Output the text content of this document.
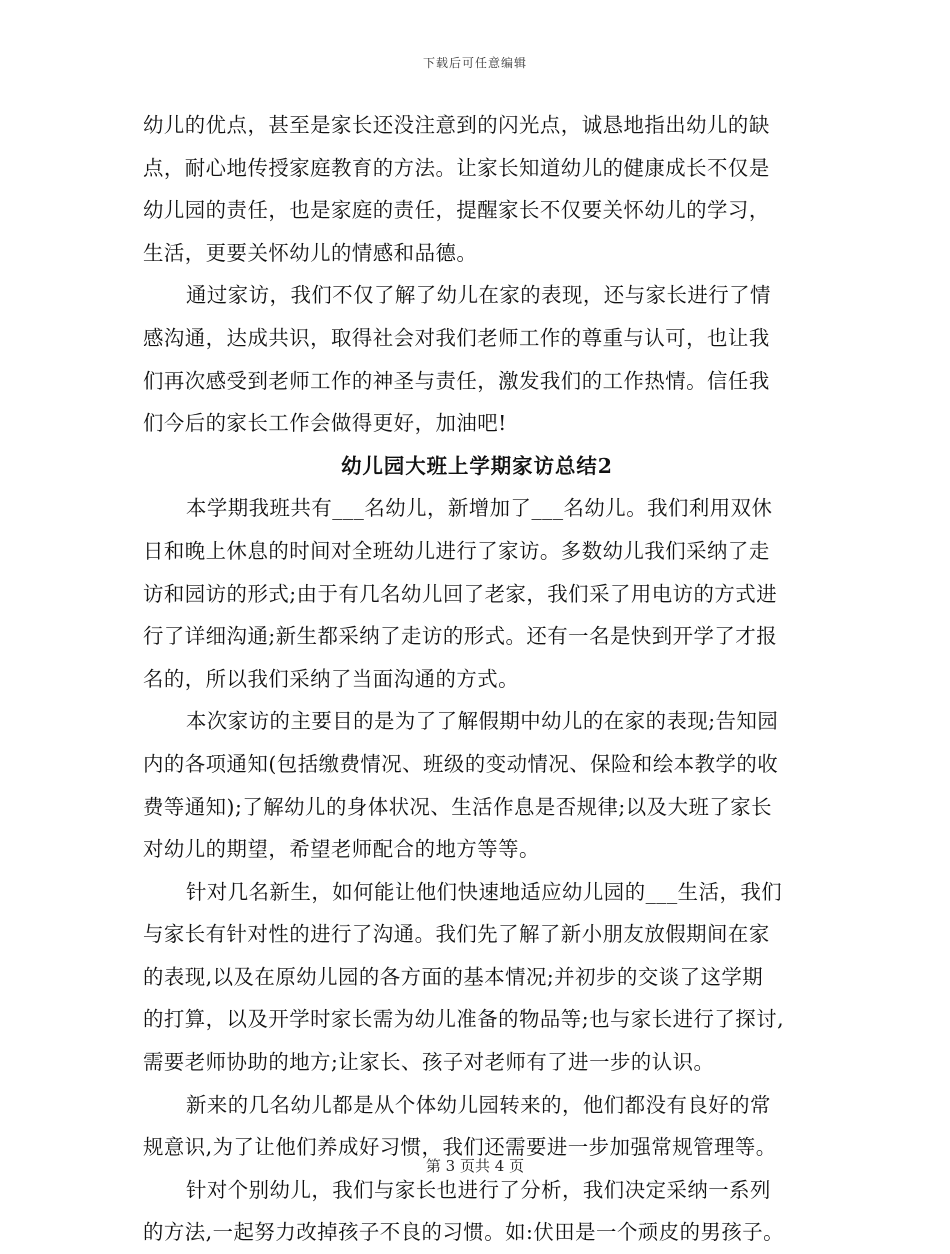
下载后可任意编辑
幼儿的优点，甚至是家长还没注意到的闪光点，诚恳地指出幼儿的缺
点，耐心地传授家庭教育的方法。让家长知道幼儿的健康成长不仅是
幼儿园的责任，也是家庭的责任，提醒家长不仅要关怀幼儿的学习，
生活，更要关怀幼儿的情感和品德。
通过家访，我们不仅了解了幼儿在家的表现，还与家长进行了情
感沟通，达成共识，取得社会对我们老师工作的尊重与认可，也让我
们再次感受到老师工作的神圣与责任，激发我们的工作热情。信任我
们今后的家长工作会做得更好，加油吧!
幼儿园大班上学期家访总结2
本学期我班共有___名幼儿，新增加了___名幼儿。我们利用双休
日和晚上休息的时间对全班幼儿进行了家访。多数幼儿我们采纳了走
访和园访的形式;由于有几名幼儿回了老家，我们采了用电访的方式进
行了详细沟通;新生都采纳了走访的形式。还有一名是快到开学了才报
名的，所以我们采纳了当面沟通的方式。
本次家访的主要目的是为了了解假期中幼儿的在家的表现;告知园
内的各项通知(包括缴费情况、班级的变动情况、保险和绘本教学的收
费等通知);了解幼儿的身体状况、生活作息是否规律;以及大班了家长
对幼儿的期望，希望老师配合的地方等等。
针对几名新生，如何能让他们快速地适应幼儿园的___生活，我们
与家长有针对性的进行了沟通。我们先了解了新小朋友放假期间在家
的表现,以及在原幼儿园的各方面的基本情况;并初步的交谈了这学期
的打算，以及开学时家长需为幼儿准备的物品等;也与家长进行了探讨,
需要老师协助的地方;让家长、孩子对老师有了进一步的认识。
新来的几名幼儿都是从个体幼儿园转来的，他们都没有良好的常
规意识,为了让他们养成好习惯，我们还需要进一步加强常规管理等。
针对个别幼儿，我们与家长也进行了分析，我们决定采纳一系列
的方法,一起努力改掉孩子不良的习惯。如:伏田是一个顽皮的男孩子。
第 3 页共 4 页
